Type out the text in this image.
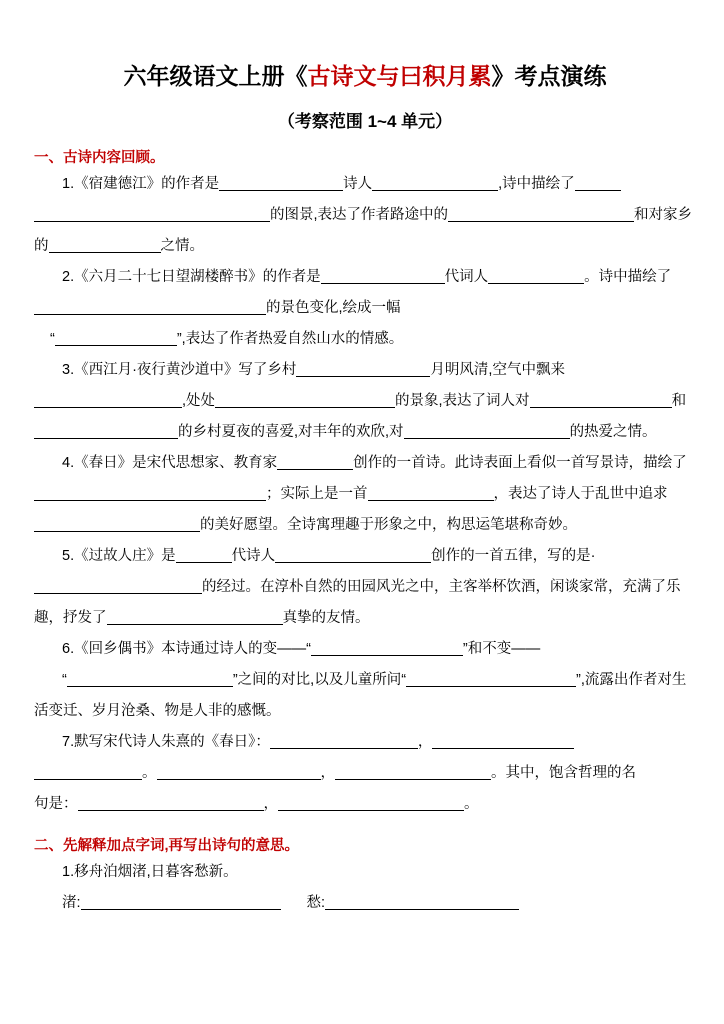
六年级语文上册《古诗文与曰积月累》考点演练
（考察范围 1~4 单元）
一、古诗内容回顾。
1.《宿建德江》的作者是	诗人	,诗中描绘了的图景,表达了作者路途中的	和对家乡的	之情。
2.《六月二十七日望湖楼醉书》的作者是	代词人	。诗中描绘了的景色变化,绘成一幅
“	”,表达了作者热爱自然山水的情感。
3.《西江月·夜行黄沙道中》写了乡村	月明风清,空气中飘来,处处	的景象,表达了词人对	和的乡村夏夜的喜爱,对丰年的欢欣,对	的热爱之情。
4.《春日》是宋代思想家、教育家	创作的一首诗。此诗表面上看似一首写景诗，描绘了；实际上是一首	，表达了诗人于乱世中追求的美好愿望。全诗寓理趣于形象之中，构思运笔堪称奇妙。
5.《过故人庄》是	代诗人	创作的一首五律，写的是·的经过。在淳朴自然的田园风光之中，主客举杯饮酒，闲谈家常，充满了乐趣，抒发了	真挚的友情。
6.《回乡偶书》本诗通过诗人的变——“	”和不变——
“	”之间的对比,以及儿童所问“	”,流露出作者对生活变迁、岁月沧桑、物是人非的感慨。
7.默写宋代诗人朱熹的《春日》：	，
。	，	。其中，饱含哲理的名
句是：	，	。
二、先解释加点字词,再写出诗句的意思。
1.移舟泊烟渚,日暮客愁新。
渚:	愁:
